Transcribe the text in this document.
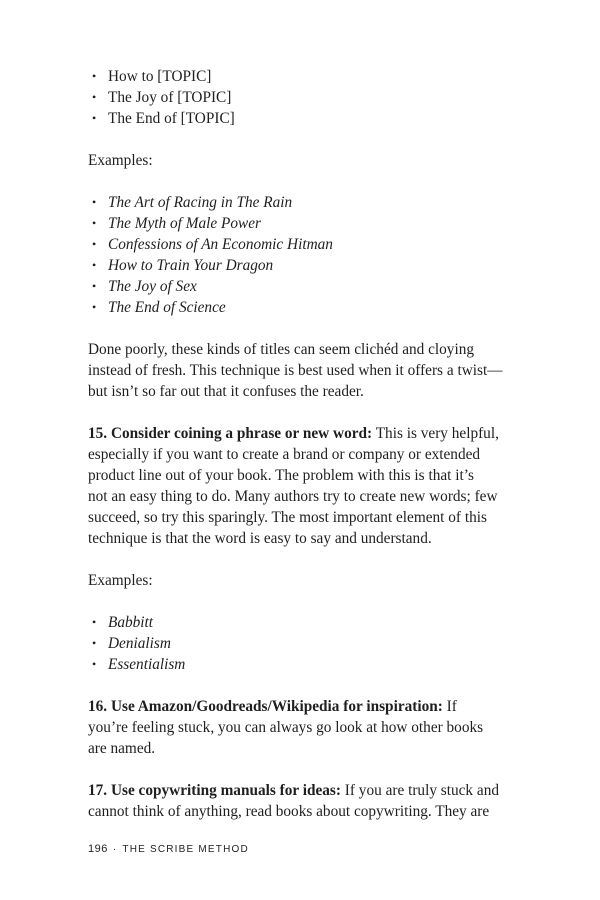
• How to [TOPIC]
• The Joy of [TOPIC]
• The End of [TOPIC]

Examples:

• The Art of Racing in The Rain
• The Myth of Male Power
• Confessions of An Economic Hitman
• How to Train Your Dragon
• The Joy of Sex
• The End of Science

Done poorly, these kinds of titles can seem clichéd and cloying
instead of fresh. This technique is best used when it offers a twist—
but isn’t so far out that it confuses the reader.

15. Consider coining a phrase or new word: This is very helpful,
especially if you want to create a brand or company or extended
product line out of your book. The problem with this is that it’s
not an easy thing to do. Many authors try to create new words; few
succeed, so try this sparingly. The most important element of this
technique is that the word is easy to say and understand.

Examples:

• Babbitt
• Denialism
• Essentialism

16. Use Amazon/Goodreads/Wikipedia for inspiration: If
you’re feeling stuck, you can always go look at how other books
are named.

17. Use copywriting manuals for ideas: If you are truly stuck and
cannot think of anything, read books about copywriting. They are

196 · THE SCRIBE METHOD
